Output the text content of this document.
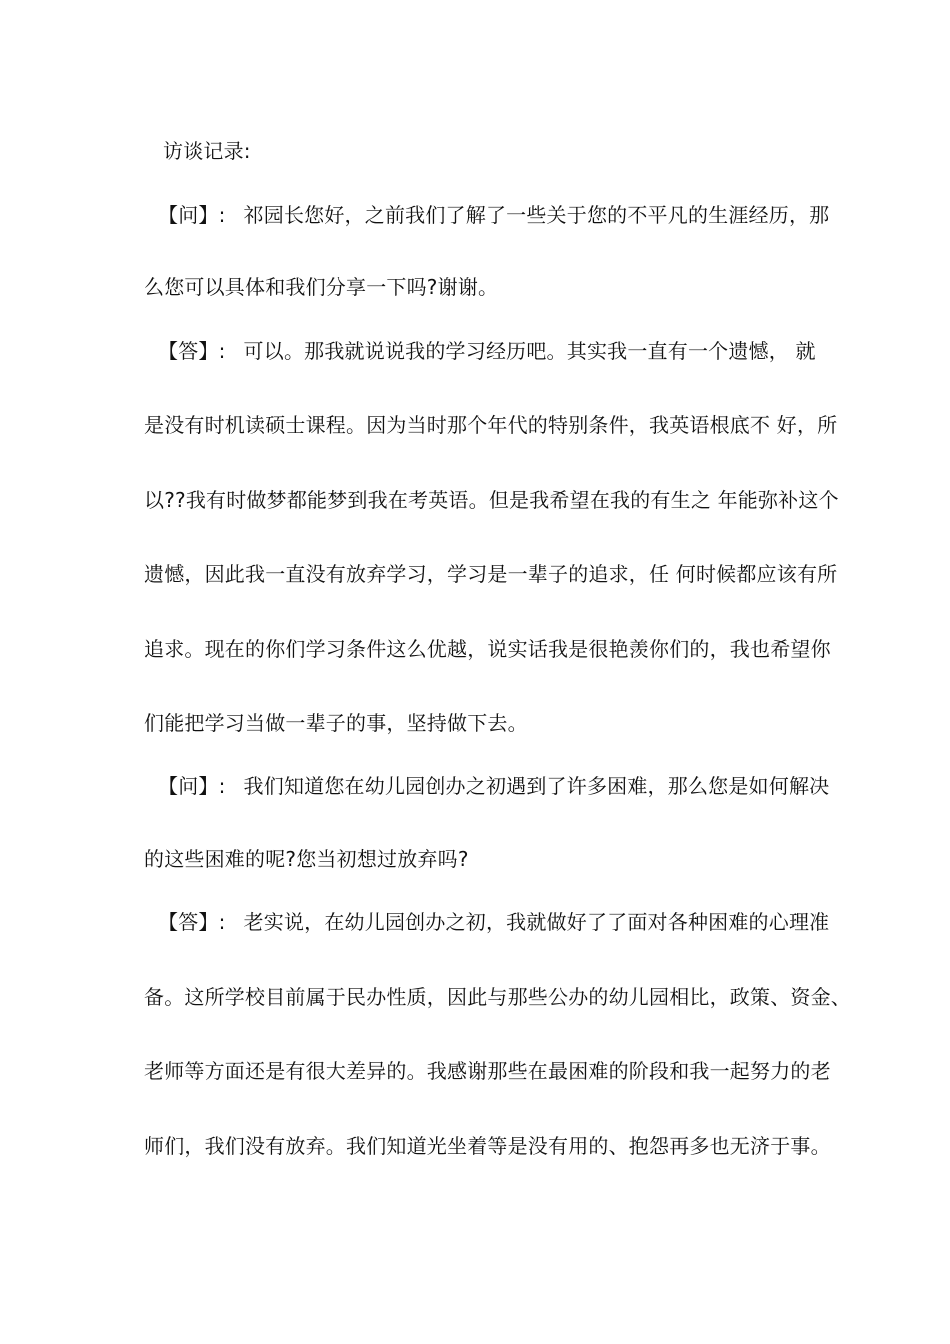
访谈记录:
【问】: 祁园长您好，之前我们了解了一些关于您的不平凡的生涯经历，那
么您可以具体和我们分享一下吗?谢谢。
【答】: 可以。那我就说说我的学习经历吧。其实我一直有一个遗憾， 就
是没有时机读硕士课程。因为当时那个年代的特别条件，我英语根底不 好，所
以??我有时做梦都能梦到我在考英语。但是我希望在我的有生之 年能弥补这个
遗憾，因此我一直没有放弃学习，学习是一辈子的追求，任 何时候都应该有所
追求。现在的你们学习条件这么优越，说实话我是很艳羡你们的，我也希望你
们能把学习当做一辈子的事，坚持做下去。
【问】: 我们知道您在幼儿园创办之初遇到了许多困难，那么您是如何解决
的这些困难的呢?您当初想过放弃吗?
【答】: 老实说，在幼儿园创办之初，我就做好了了面对各种困难的心理准
备。这所学校目前属于民办性质，因此与那些公办的幼儿园相比，政策、资金、
老师等方面还是有很大差异的。我感谢那些在最困难的阶段和我一起努力的老
师们，我们没有放弃。我们知道光坐着等是没有用的、抱怨再多也无济于事。
